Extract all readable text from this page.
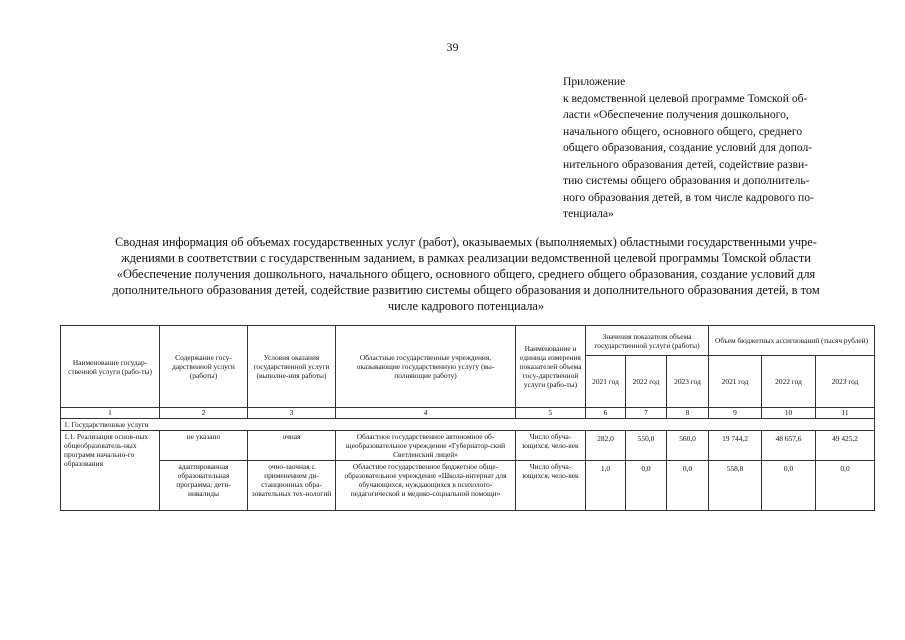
39
Приложение
к ведомственной целевой программе Томской об-
ласти «Обеспечение получения дошкольного,
начального общего, основного общего, среднего
общего образования, создание условий для допол-
нительного образования детей, содействие разви-
тию системы общего образования и дополнитель-
ного образования детей, в том числе кадрового по-
тенциала»
Сводная информация об объемах государственных услуг (работ), оказываемых (выполняемых) областными государственными учре-
ждениями в соответствии с государственным заданием, в рамках реализации ведомственной целевой программы Томской области
«Обеспечение получения дошкольного, начального общего, основного общего, среднего общего образования, создание условий для
дополнительного образования детей, содействие развитию системы общего образования и дополнительного образования детей, в том
числе кадрового потенциала»
Наименование государ-ственной услуги (рабо-ты)	Содержание госу-дарственной услуги (работы)	Условия оказания государственной услуги (выполне-ния работы)	Областные государственные учреждения, оказывающие государственную услугу (вы-полняющие работу)	Наименование и единица измерения показателей объема госу-дарственной услуги (рабо-ты)	Значения показателя объема государственной услуги (работы)			Объем бюджетных ассигнований (тысяч рублей)		
					2021 год	2022 год	2023 год	2021 год	2022 год	2023 год
1	2	3	4	5	6	7	8	9	10	11
1. Государственные услуги										
1.1. Реализация основ-ных общеобразователь-ных программ начально-го образования	не указано	очная	Областное государственное автономное об-щеобразовательное учреждение «Губернатор-ский Светленский лицей»	Число обуча-ющихся, чело-век	282,0	550,0	560,0	19 744,2	48 657,6	49 425,2
	адаптированная образовательная программа; дети-инвалиды	очно-заочная с применением ди-станционных обра-зовательных тех-нологий	Областное государственное бюджетное обще-образовательное учреждение «Школа-интернат для обучающихся, нуждающихся в психолого-педагогической и медико-социальной помощи»	Число обуча-ющихся, чело-век	1,0	0,0	0,0	558,8	0,0	0,0
